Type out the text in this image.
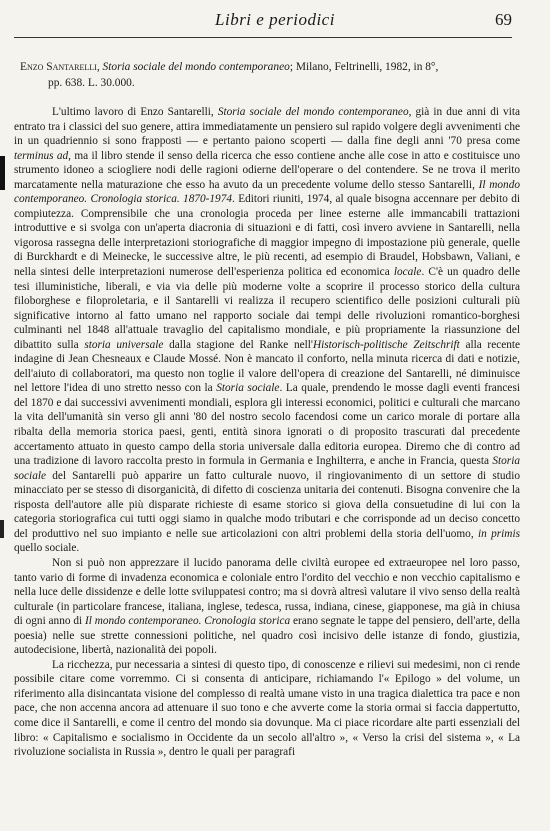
Libri e periodici	69
Enzo Santarelli, Storia sociale del mondo contemporaneo; Milano, Feltrinelli, 1982, in 8°,
pp. 638. L. 30.000.

L'ultimo lavoro di Enzo Santarelli, Storia sociale del mondo contemporaneo, già in due anni di vita entrato tra i classici del suo genere, attira immediatamente un pensiero sul rapido volgere degli avvenimenti che in un quadriennio si sono frapposti — e pertanto paiono scoperti — dalla fine degli anni '70 presa come terminus ad, ma il libro stende il senso della ricerca che esso contiene anche alle cose in atto e costituisce uno strumento idoneo a sciogliere nodi delle ragioni odierne dell'operare o del contendere. Se ne trova il merito marcatamente nella maturazione che esso ha avuto da un precedente volume dello stesso Santarelli, Il mondo contemporaneo. Cronologia storica. 1870-1974. Editori riuniti, 1974, al quale bisogna accennare per debito di compiutezza. Comprensibile che una cronologia proceda per linee esterne alle immancabili trattazioni introduttive e si svolga con un'aperta diacronia di situazioni e di fatti, così invero avviene in Santarelli, nella vigorosa rassegna delle interpretazioni storiografiche di maggior impegno di impostazione più generale, quelle di Burckhardt e di Meinecke, le successive altre, le più recenti, ad esempio di Braudel, Hobsbawn, Valiani, e nella sintesi delle interpretazioni numerose dell'esperienza politica ed economica locale. C'è un quadro delle tesi illuministiche, liberali, e via via delle più moderne volte a scoprire il processo storico della cultura filoborghese e filoproletaria, e il Santarelli vi realizza il recupero scientifico delle posizioni culturali più significative intorno al fatto umano nel rapporto sociale dai tempi delle rivoluzioni romantico-borghesi culminanti nel 1848 all'attuale travaglio del capitalismo mondiale, e più propriamente la riassunzione del dibattito sulla storia universale dalla stagione del Ranke nell'Historisch-politische Zeitschrift alla recente indagine di Jean Chesneaux e Claude Mossé. Non è mancato il conforto, nella minuta ricerca di dati e notizie, dell'aiuto di collaboratori, ma questo non toglie il valore dell'opera di creazione del Santarelli, né diminuisce nel lettore l'idea di uno stretto nesso con la Storia sociale. La quale, prendendo le mosse dagli eventi francesi del 1870 e dai successivi avvenimenti mondiali, esplora gli interessi economici, politici e culturali che marcano la vita dell'umanità sin verso gli anni '80 del nostro secolo facendosi come un carico morale di portare alla ribalta della memoria storica paesi, genti, entità sinora ignorati o di proposito trascurati dal precedente accertamento attuato in questo campo della storia universale dalla editoria europea. Diremo che di contro ad una tradizione di lavoro raccolta presto in formula in Germania e Inghilterra, e anche in Francia, questa Storia sociale del Santarelli può apparire un fatto culturale nuovo, il ringiovanimento di un settore di studio minacciato per se stesso di disorganicità, di difetto di coscienza unitaria dei contenuti. Bisogna convenire che la risposta dell'autore alle più disparate richieste di esame storico si giova della consuetudine di lui con la categoria storiografica cui tutti oggi siamo in qualche modo tributari e che corrisponde ad un deciso concetto del produttivo nel suo impianto e nelle sue articolazioni con altri problemi della storia dell'uomo, in primis quello sociale.

Non si può non apprezzare il lucido panorama delle civiltà europee ed extraeuropee nel loro passo, tanto vario di forme di invadenza economica e coloniale entro l'ordito del vecchio e non vecchio capitalismo e nella luce delle dissidenze e delle lotte sviluppatesi contro; ma si dovrà altresì valutare il vivo senso della realtà culturale (in particolare francese, italiana, inglese, tedesca, russa, indiana, cinese, giapponese, ma già in chiusa di ogni anno di Il mondo contemporaneo. Cronologia storica erano segnate le tappe del pensiero, dell'arte, della poesia) nelle sue strette connessioni politiche, nel quadro così incisivo delle istanze di fondo, giustizia, autodecisione, libertà, nazionalità dei popoli.

La ricchezza, pur necessaria a sintesi di questo tipo, di conoscenze e rilievi sui medesimi, non ci rende possibile citare come vorremmo. Ci si consenta di anticipare, richiamando l'« Epilogo » del volume, un riferimento alla disincantata visione del complesso di realtà umane visto in una tragica dialettica tra pace e non pace, che non accenna ancora ad attenuare il suo tono e che avverte come la storia ormai si faccia dappertutto, come dice il Santarelli, e come il centro del mondo sia dovunque. Ma ci piace ricordare alte parti essenziali del libro: « Capitalismo e socialismo in Occidente da un secolo all'altro », « Verso la crisi del sistema », « La rivoluzione socialista in Russia », dentro le quali per paragrafi
